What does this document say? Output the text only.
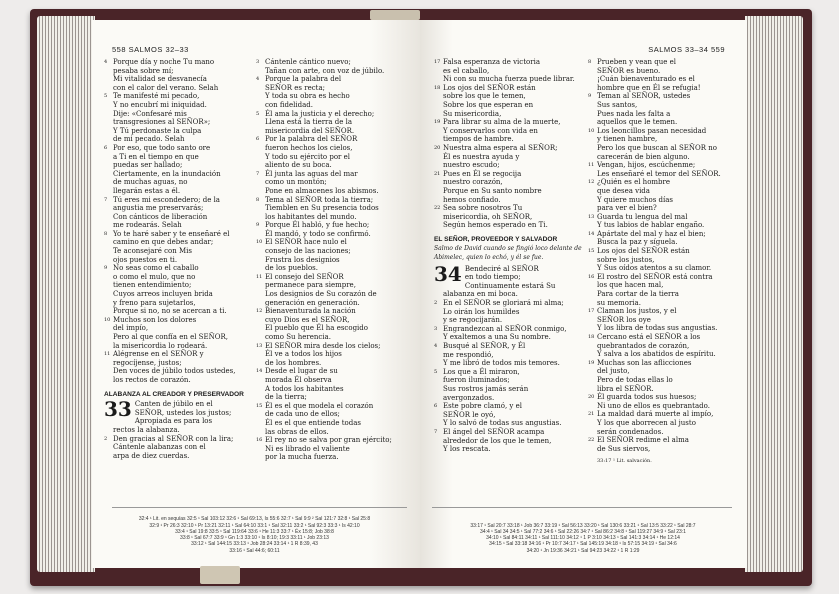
558 SALMOS 32–33

4 Porque día y noche Tu mano

pesaba sobre mí;

Mi vitalidad se desvanecía

con el calor del verano. Selah

5 Te manifesté mi pecado,

Y no encubrí mi iniquidad.

Dije: «Confesaré mis

transgresiones al SEÑOR»;

Y Tú perdonaste la culpa

de mi pecado. Selah

6 Por eso, que todo santo ore

a Ti en el tiempo en que

puedas ser hallado;

Ciertamente, en la inundación

de muchas aguas, no

llegarán estas a él.

7 Tú eres mi escondedero; de la

angustia me preservarás;

Con cánticos de liberación

me rodearás. Selah

8 Yo te haré saber y te enseñaré el

camino en que debes andar;

Te aconsejaré con Mis

ojos puestos en ti.

9 No seas como el caballo

o como el mulo, que no

tienen entendimiento;

Cuyos arreos incluyen brida

y freno para sujetarlos,

Porque si no, no se acercan a ti.

10 Muchos son los dolores

del impío,

Pero al que confía en el SEÑOR,

la misericordia lo rodeará.

11 Alégrense en el SEÑOR y

regocíjense, justos;

Den voces de júbilo todos ustedes,

los rectos de corazón.

ALABANZA AL CREADOR Y PRESERVADOR

33 Canten de júbilo en el

SEÑOR, ustedes los justos;

Apropiada es para los

rectos la alabanza.

2 Den gracias al SEÑOR con la lira;

Cántenle alabanzas con el

arpa de diez cuerdas.

3 Cántenle cántico nuevo;

Tañan con arte, con voz de júbilo.

4 Porque la palabra del

SEÑOR es recta;

Y toda su obra es hecho

con fidelidad.

5 Él ama la justicia y el derecho;

Llena está la tierra de la

misericordia del SEÑOR.

6 Por la palabra del SEÑOR

fueron hechos los cielos,

Y todo su ejército por el

aliento de su boca.

7 Él junta las aguas del mar

como un montón;

Pone en almacenes los abismos.

8 Tema al SEÑOR toda la tierra;

Tiemblen en Su presencia todos

los habitantes del mundo.

9 Porque Él habló, y fue hecho;

Él mandó, y todo se confirmó.

10 El SEÑOR hace nulo el

consejo de las naciones;

Frustra los designios

de los pueblos.

11 El consejo del SEÑOR

permanece para siempre,

Los designios de Su corazón de

generación en generación.

12 Bienaventurada la nación

cuyo Dios es el SEÑOR,

El pueblo que Él ha escogido

como Su herencia.

13 El SEÑOR mira desde los cielos;

Él ve a todos los hijos

de los hombres.

14 Desde el lugar de su

morada Él observa

A todos los habitantes

de la tierra;

15 Él es el que modela el corazón

de cada uno de ellos;

Él es el que entiende todas

las obras de ellos.

16 El rey no se salva por gran ejército;

Ni es librado el valiente

por la mucha fuerza.

32:4 ¹ Lit. en sequías 32:5 ¹ Sal 103:12 32:6 ¹ Sal 69:13, Is 55:6 32:7 ¹ Sal 9:9 ² Sal 121:7 32:8 ¹ Sal 25:8
32:9 ¹ Pr 26:3 32:10 ¹ Pr 13:21 32:11 ¹ Sal 64:10 33:1 ¹ Sal 32:11 33:2 ¹ Sal 92:3 33:3 ¹ Is 42:10
33:4 ¹ Sal 19:8 33:5 ¹ Sal 119:64 33:6 ¹ He 11:3 33:7 ¹ Éx 15:8; Job 38:8
33:8 ¹ Sal 67:7 33:9 ¹ Gn 1:3 33:10 ¹ Is 8:10; 19:3 33:11 ¹ Job 23:13
33:12 ¹ Sal 144:15 33:13 ¹ Job 28:24 33:14 ¹ 1 R 8:39, 43
33:16 ¹ Sal 44:6; 60:11
SALMOS 33–34 559

17 Falsa esperanza de victoria

es el caballo,

Ni con su mucha fuerza puede librar.

18 Los ojos del SEÑOR están

sobre los que le temen,

Sobre los que esperan en

Su misericordia,

19 Para librar su alma de la muerte,

Y conservarlos con vida en

tiempos de hambre.

20 Nuestra alma espera al SEÑOR;

Él es nuestra ayuda y

nuestro escudo;

21 Pues en Él se regocija

nuestro corazón,

Porque en Su santo nombre

hemos confiado.

22 Sea sobre nosotros Tu

misericordia, oh SEÑOR,

Según hemos esperado en Ti.

EL SEÑOR, PROVEEDOR Y SALVADOR

Salmo de David cuando se fingió loco delante de Abimelec, quien lo echó, y él se fue.

34 Bendeciré al SEÑOR

en todo tiempo;

Continuamente estará Su

alabanza en mi boca.

2 En el SEÑOR se gloriará mi alma;

Lo oirán los humildes

y se regocijarán.

3 Engrandezcan al SEÑOR conmigo,

Y exaltemos a una Su nombre.

4 Busqué al SEÑOR, y Él

me respondió,

Y me libró de todos mis temores.

5 Los que a Él miraron,

fueron iluminados;

Sus rostros jamás serán

avergonzados.

6 Este pobre clamó, y el

SEÑOR le oyó,

Y lo salvó de todas sus angustias.

7 El ángel del SEÑOR acampa

alrededor de los que le temen,

Y los rescata.

8 Prueben y vean que el

SEÑOR es bueno.

¡Cuán bienaventurado es el

hombre que en Él se refugia!

9 Teman al SEÑOR, ustedes

Sus santos,

Pues nada les falta a

aquellos que le temen.

10 Los leoncillos pasan necesidad

y tienen hambre,

Pero los que buscan al SEÑOR no

carecerán de bien alguno.

11 Vengan, hijos, escúchenme;

Les enseñaré el temor del SEÑOR.

12 ¿Quién es el hombre

que desea vida

Y quiere muchos días

para ver el bien?

13 Guarda tu lengua del mal

Y tus labios de hablar engaño.

14 Apártate del mal y haz el bien;

Busca la paz y síguela.

15 Los ojos del SEÑOR están

sobre los justos,

Y Sus oídos atentos a su clamor.

16 El rostro del SEÑOR está contra

los que hacen mal,

Para cortar de la tierra

su memoria.

17 Claman los justos, y el

SEÑOR los oye

Y los libra de todas sus angustias.

18 Cercano está el SEÑOR a los

quebrantados de corazón,

Y salva a los abatidos de espíritu.

19 Muchas son las aflicciones

del justo,

Pero de todas ellas lo

libra el SEÑOR.

20 Él guarda todos sus huesos;

Ni uno de ellos es quebrantado.

21 La maldad dará muerte al impío,

Y los que aborrecen al justo

serán condenados.

22 El SEÑOR redime el alma

de Sus siervos,

33:17 ¹ Lit. salvación.

33:17 ¹ Sal 20:7 33:18 ¹ Job 36:7 33:19 ¹ Sal 56:13 33:20 ¹ Sal 130:6 33:21 ¹ Sal 13:5 33:22 ¹ Sal 28:7
34:4 ¹ Sal 34 34:5 ¹ Sal 77:2 34:6 ¹ Sal 22:26 34:7 ¹ Sal 86:2 34:8 ¹ Sal 119:27 34:9 ¹ Sal 23:1
34:10 ¹ Sal 84:11 34:11 ¹ Sal 111:10 34:12 ¹ 1 P 3:10 34:13 ¹ Sal 141:3 34:14 ¹ He 12:14
34:15 ¹ Sal 33:18 34:16 ¹ Pr 10:7 34:17 ¹ Sal 145:19 34:18 ¹ Is 57:15 34:19 ¹ Sal 34:6
34:20 ¹ Jn 19:36 34:21 ¹ Sal 94:23 34:22 ¹ 1 R 1:29
